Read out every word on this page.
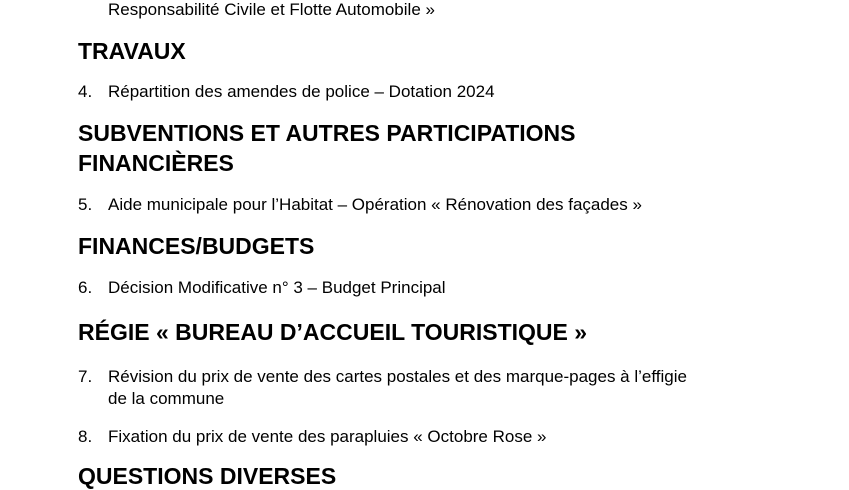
Responsabilité Civile et Flotte Automobile »
TRAVAUX
4. Répartition des amendes de police – Dotation 2024
SUBVENTIONS ET AUTRES PARTICIPATIONS
FINANCIÈRES
5. Aide municipale pour l’Habitat – Opération « Rénovation des façades »
FINANCES/BUDGETS
6. Décision Modificative n° 3 – Budget Principal
RÉGIE « BUREAU D’ACCUEIL TOURISTIQUE »
7. Révision du prix de vente des cartes postales et des marque-pages à l’effigie
de la commune
8. Fixation du prix de vente des parapluies « Octobre Rose »
QUESTIONS DIVERSES
